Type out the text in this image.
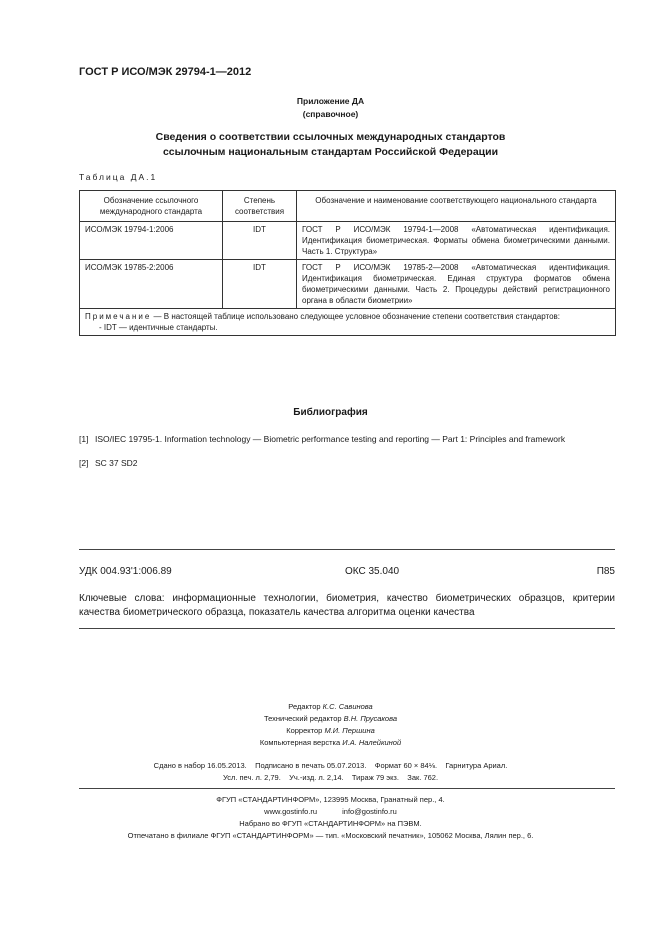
ГОСТ Р ИСО/МЭК 29794-1—2012
Приложение ДА
(справочное)
Сведения о соответствии ссылочных международных стандартов
ссылочным национальным стандартам Российской Федерации
Таблица ДА.1
Обозначение ссылочного международного стандарта	Степень соответствия	Обозначение и наименование соответствующего национального стандарта
ИСО/МЭК 19794-1:2006	IDT	ГОСТ Р ИСО/МЭК 19794-1—2008 «Автоматическая идентификация. Идентификация биометрическая. Форматы обмена биометрическими данными. Часть 1. Структура»
ИСО/МЭК 19785-2:2006	IDT	ГОСТ Р ИСО/МЭК 19785-2—2008 «Автоматическая идентификация. Идентификация биометрическая. Единая структура форматов обмена биометрическими данными. Часть 2. Процедуры действий регистрационного органа в области биометрии»
Примечание — В настоящей таблице использовано следующее условное обозначение степени соответствия стандартов:
- IDT — идентичные стандарты.		
Библиография
[1] ISO/IEC 19795-1. Information technology — Biometric performance testing and reporting — Part 1: Principles and framework
[2] SC 37 SD2
УДК 004.93'1:006.89	ОКС 35.040	П85
Ключевые слова: информационные технологии, биометрия, качество биометрических образцов, критерии качества биометрического образца, показатель качества алгоритма оценки качества
Редактор К.С. Савинова
Технический редактор В.Н. Прусакова
Корректор М.И. Першина
Компьютерная верстка И.А. Налейкиной
Сдано в набор 16.05.2013.    Подписано в печать 05.07.2013.    Формат 60 × 84⅛.    Гарнитура Ариал.
Усл. печ. л. 2,79.    Уч.-изд. л. 2,14.    Тираж 79 экз.    Зак. 762.
ФГУП «СТАНДАРТИНФОРМ», 123995 Москва, Гранатный пер., 4.
www.gostinfo.ru            info@gostinfo.ru
Набрано во ФГУП «СТАНДАРТИНФОРМ» на ПЭВМ.
Отпечатано в филиале ФГУП «СТАНДАРТИНФОРМ» — тип. «Московский печатник», 105062 Москва, Лялин пер., 6.
